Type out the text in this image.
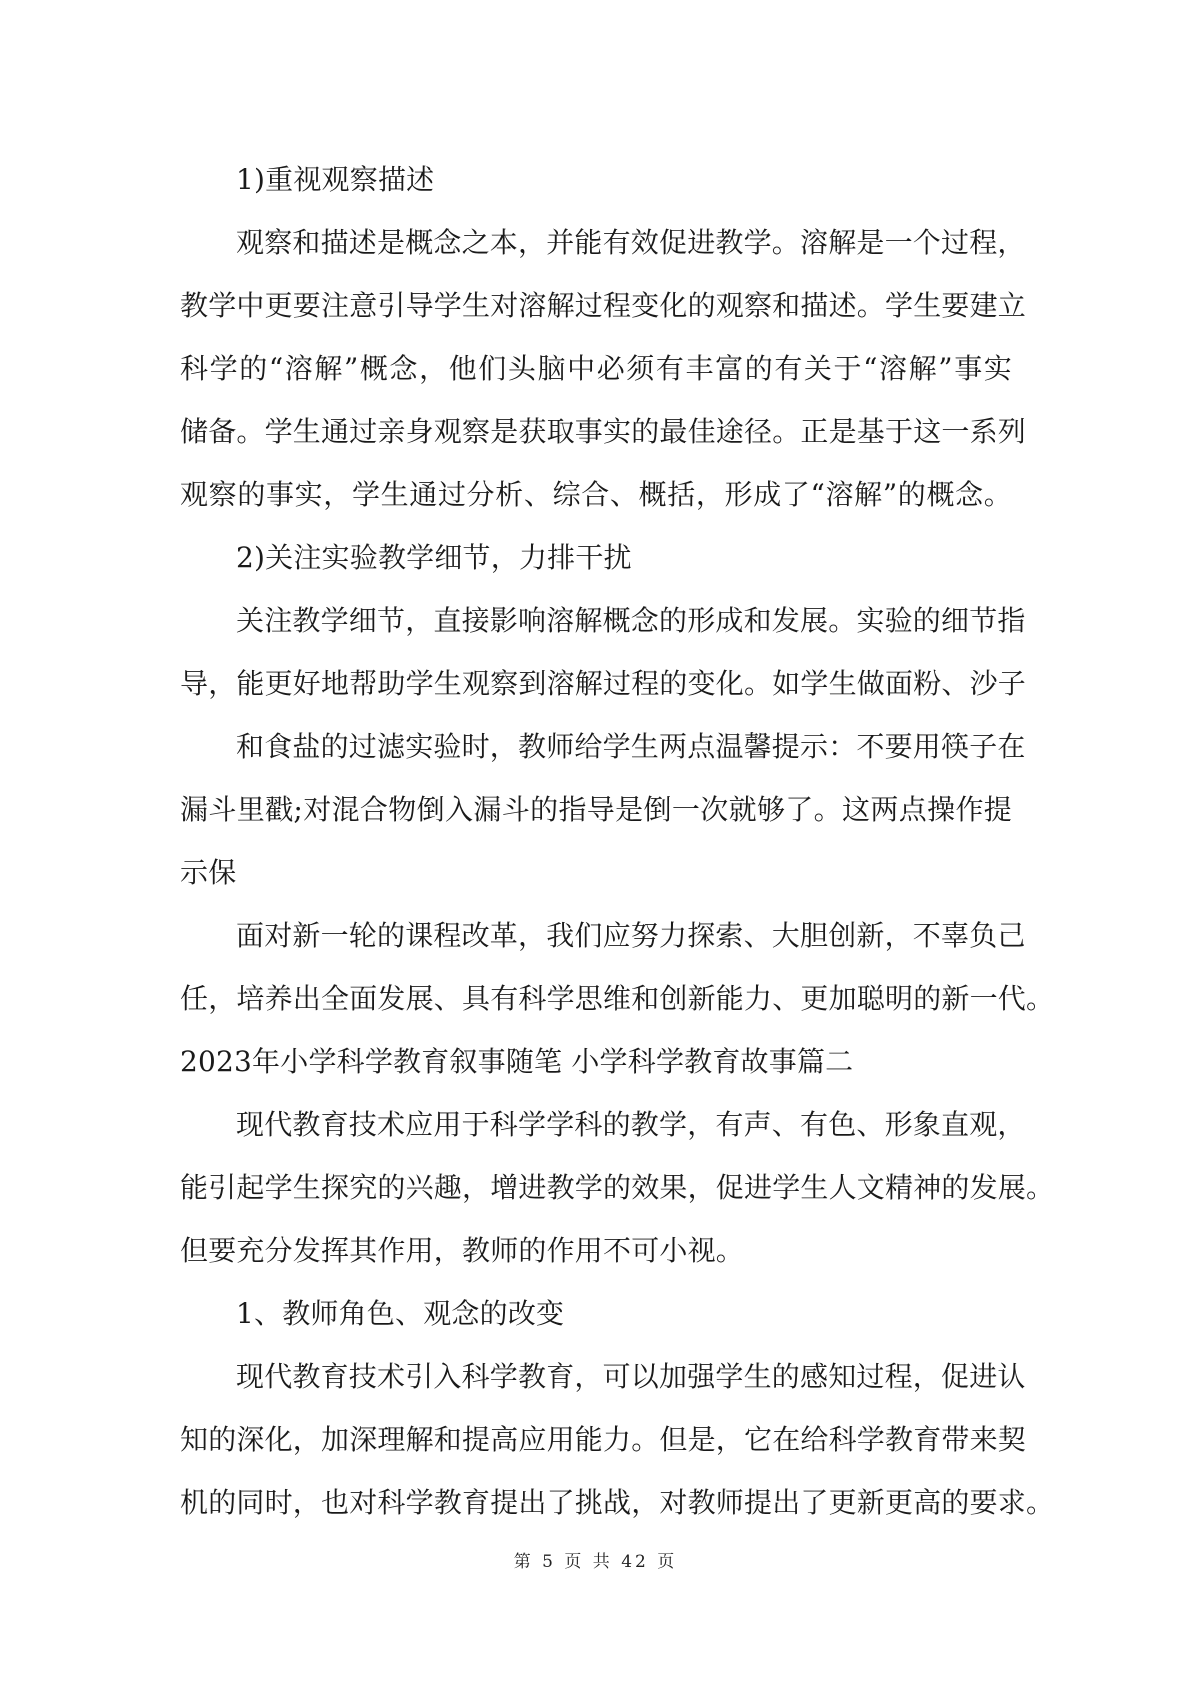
1)重视观察描述
观察和描述是概念之本，并能有效促进教学。溶解是一个过程，
教学中更要注意引导学生对溶解过程变化的观察和描述。学生要建立
科学的“溶解”概念，他们头脑中必须有丰富的有关于“溶解”事实
储备。学生通过亲身观察是获取事实的最佳途径。正是基于这一系列
观察的事实，学生通过分析、综合、概括，形成了“溶解”的概念。
2)关注实验教学细节，力排干扰
关注教学细节，直接影响溶解概念的形成和发展。实验的细节指
导，能更好地帮助学生观察到溶解过程的变化。如学生做面粉、沙子
和食盐的过滤实验时，教师给学生两点温馨提示：不要用筷子在
漏斗里戳;对混合物倒入漏斗的指导是倒一次就够了。这两点操作提
示保
面对新一轮的课程改革，我们应努力探索、大胆创新，不辜负己
任，培养出全面发展、具有科学思维和创新能力、更加聪明的新一代。
2023年小学科学教育叙事随笔 小学科学教育故事篇二
现代教育技术应用于科学学科的教学，有声、有色、形象直观，
能引起学生探究的兴趣，增进教学的效果，促进学生人文精神的发展。
但要充分发挥其作用，教师的作用不可小视。
1、教师角色、观念的改变
现代教育技术引入科学教育，可以加强学生的感知过程，促进认
知的深化，加深理解和提高应用能力。但是，它在给科学教育带来契
机的同时，也对科学教育提出了挑战，对教师提出了更新更高的要求。
第 5 页 共 42 页
